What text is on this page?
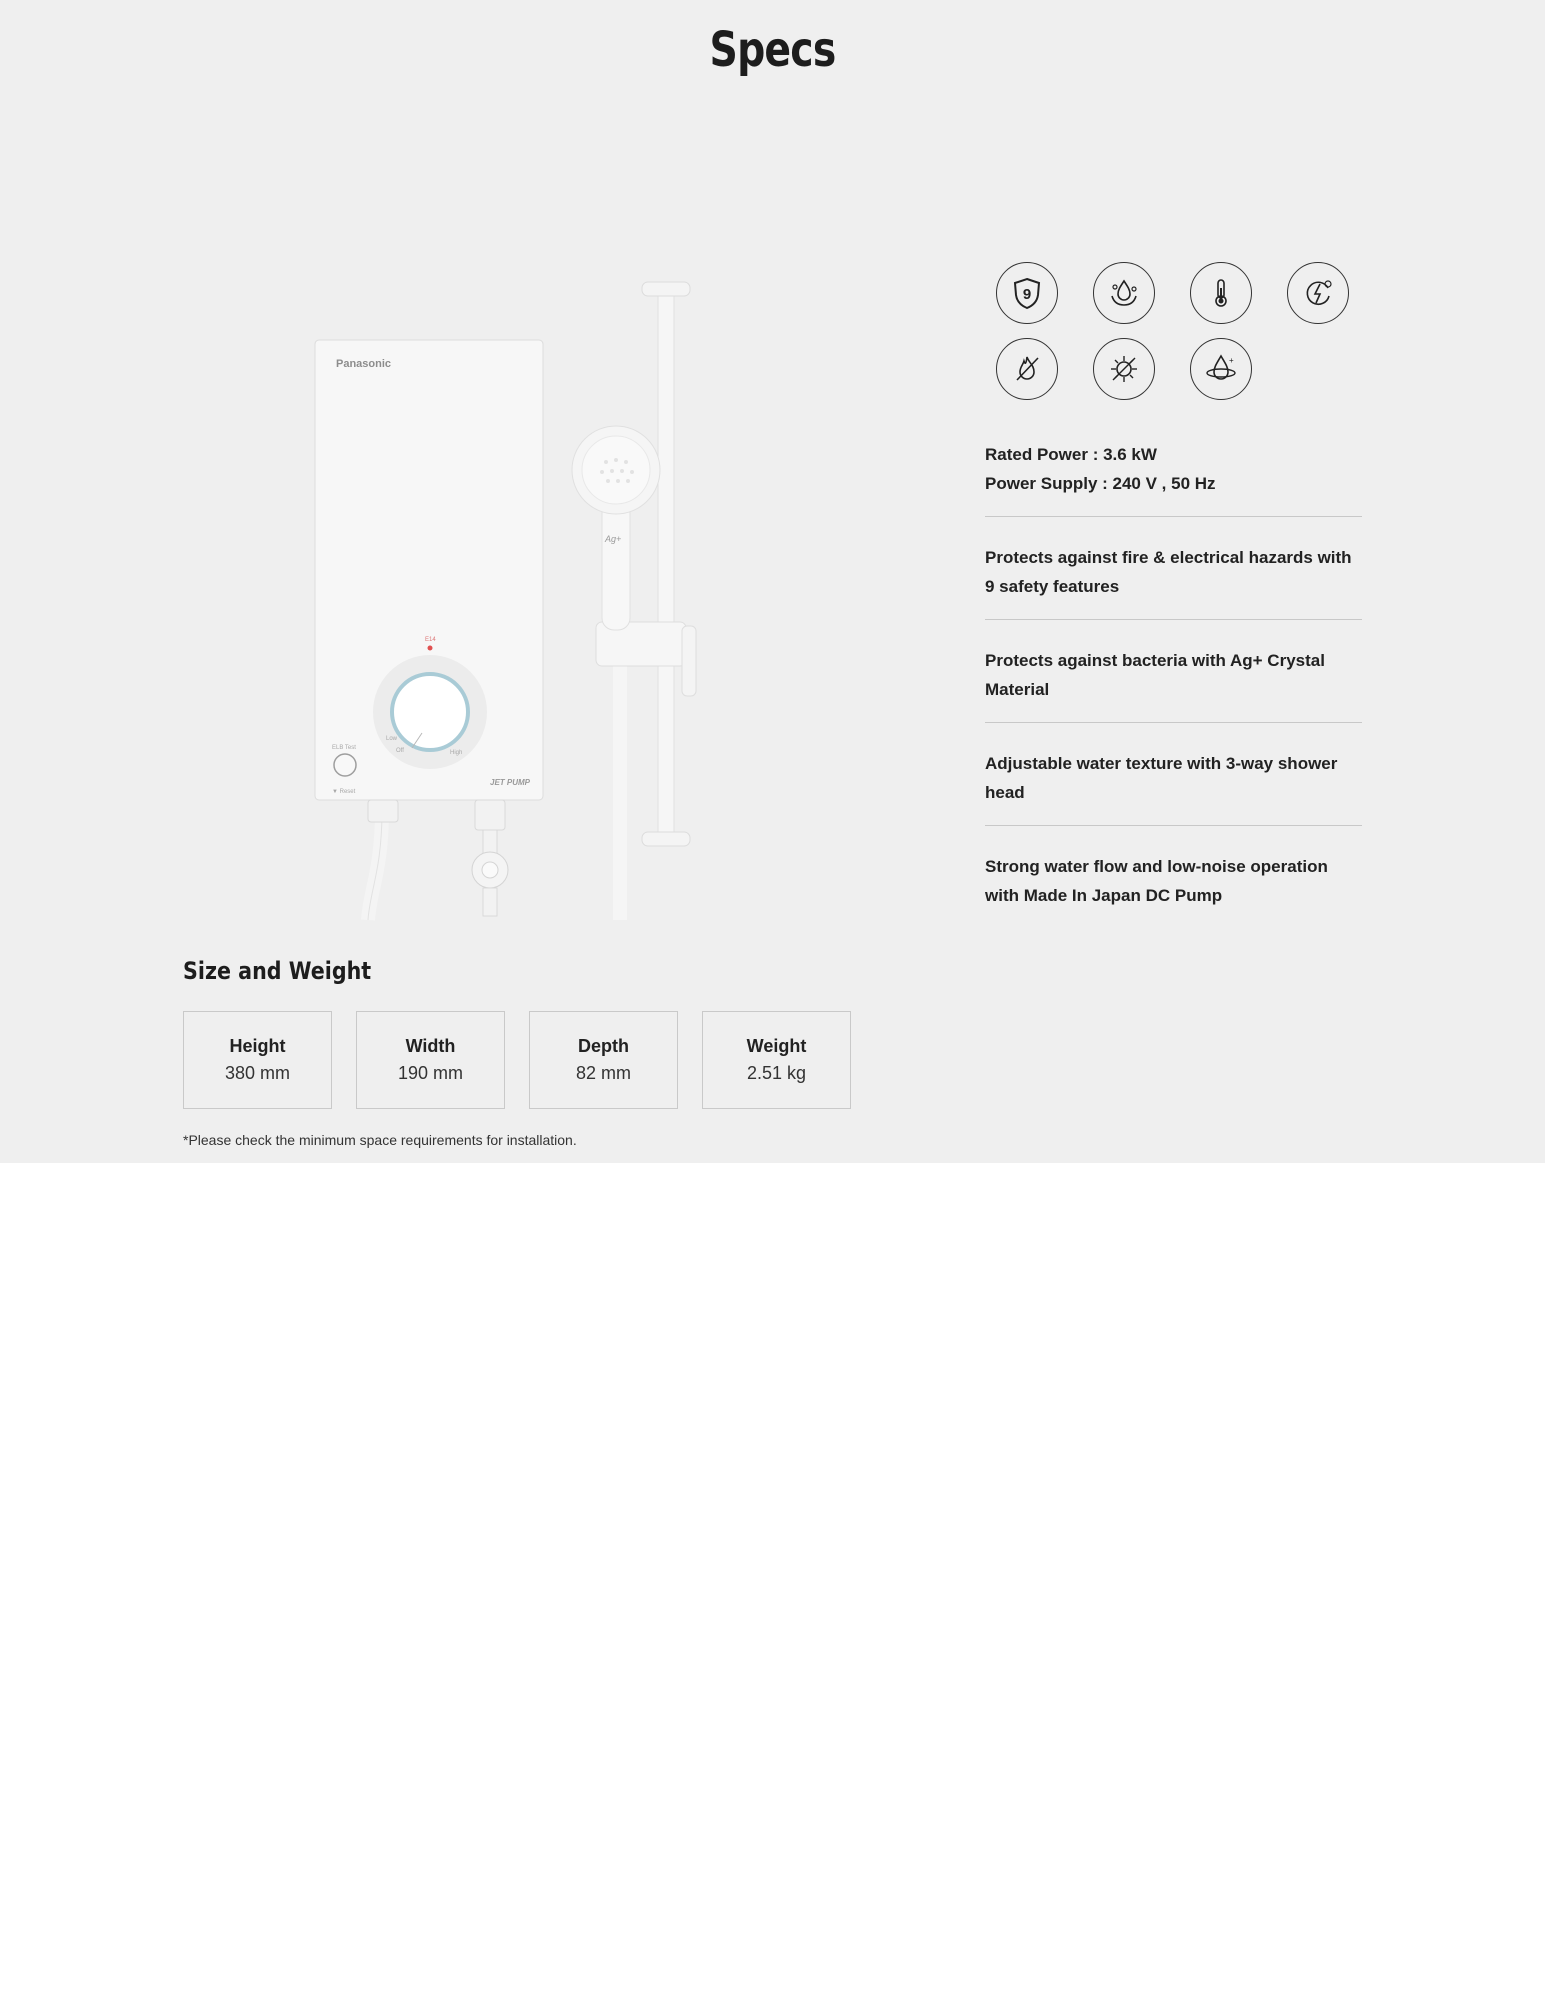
Specs
Panasonic
JET PUMP
Ag+
E14
Low
Off	High
ELB Test
▼ Reset
9
+

Rated Power : 3.6 kW

Power Supply : 240 V , 50 Hz

Protects against fire & electrical hazards with 9 safety features

Protects against bacteria with Ag+ Crystal Material

Adjustable water texture with 3-way shower head

Strong water flow and low-noise operation with Made In Japan DC Pump

Size and Weight
Height
380 mm
Width
190 mm
Depth
82 mm
Weight
2.51 kg
*Please check the minimum space requirements for installation.
